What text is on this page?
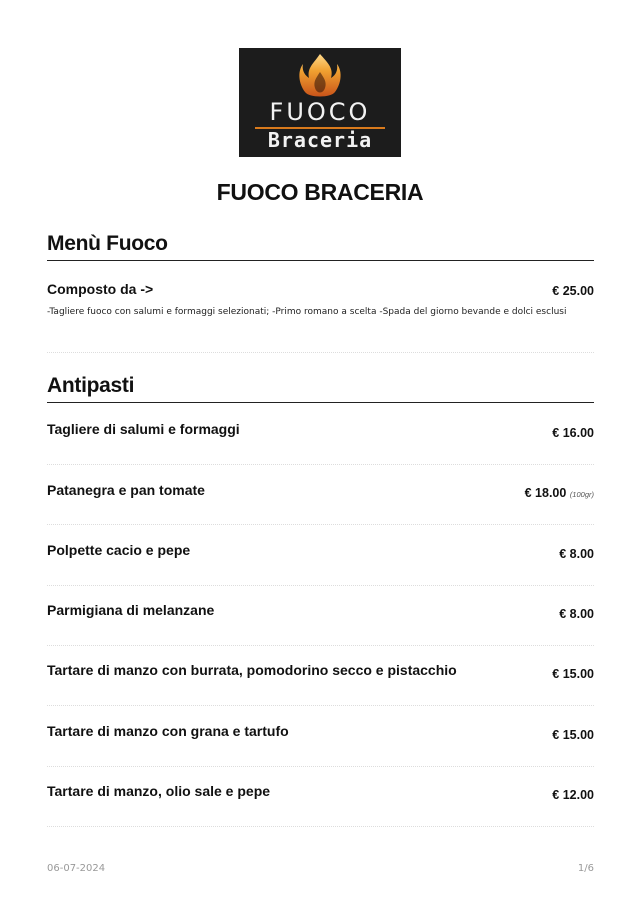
FUOCO
Braceria
FUOCO BRACERIA
Menù Fuoco
Composto da ->	€ 25.00
-Tagliere fuoco con salumi e formaggi selezionati; -Primo romano a scelta -Spada del giorno bevande e dolci esclusi
Antipasti
Tagliere di salumi e formaggi	€ 16.00
Patanegra e pan tomate	€ 18.00 (100gr)
Polpette cacio e pepe	€ 8.00
Parmigiana di melanzane	€ 8.00
Tartare di manzo con burrata, pomodorino secco e pistacchio	€ 15.00
Tartare di manzo con grana e tartufo	€ 15.00
Tartare di manzo, olio sale e pepe	€ 12.00
06-07-2024	1/6
